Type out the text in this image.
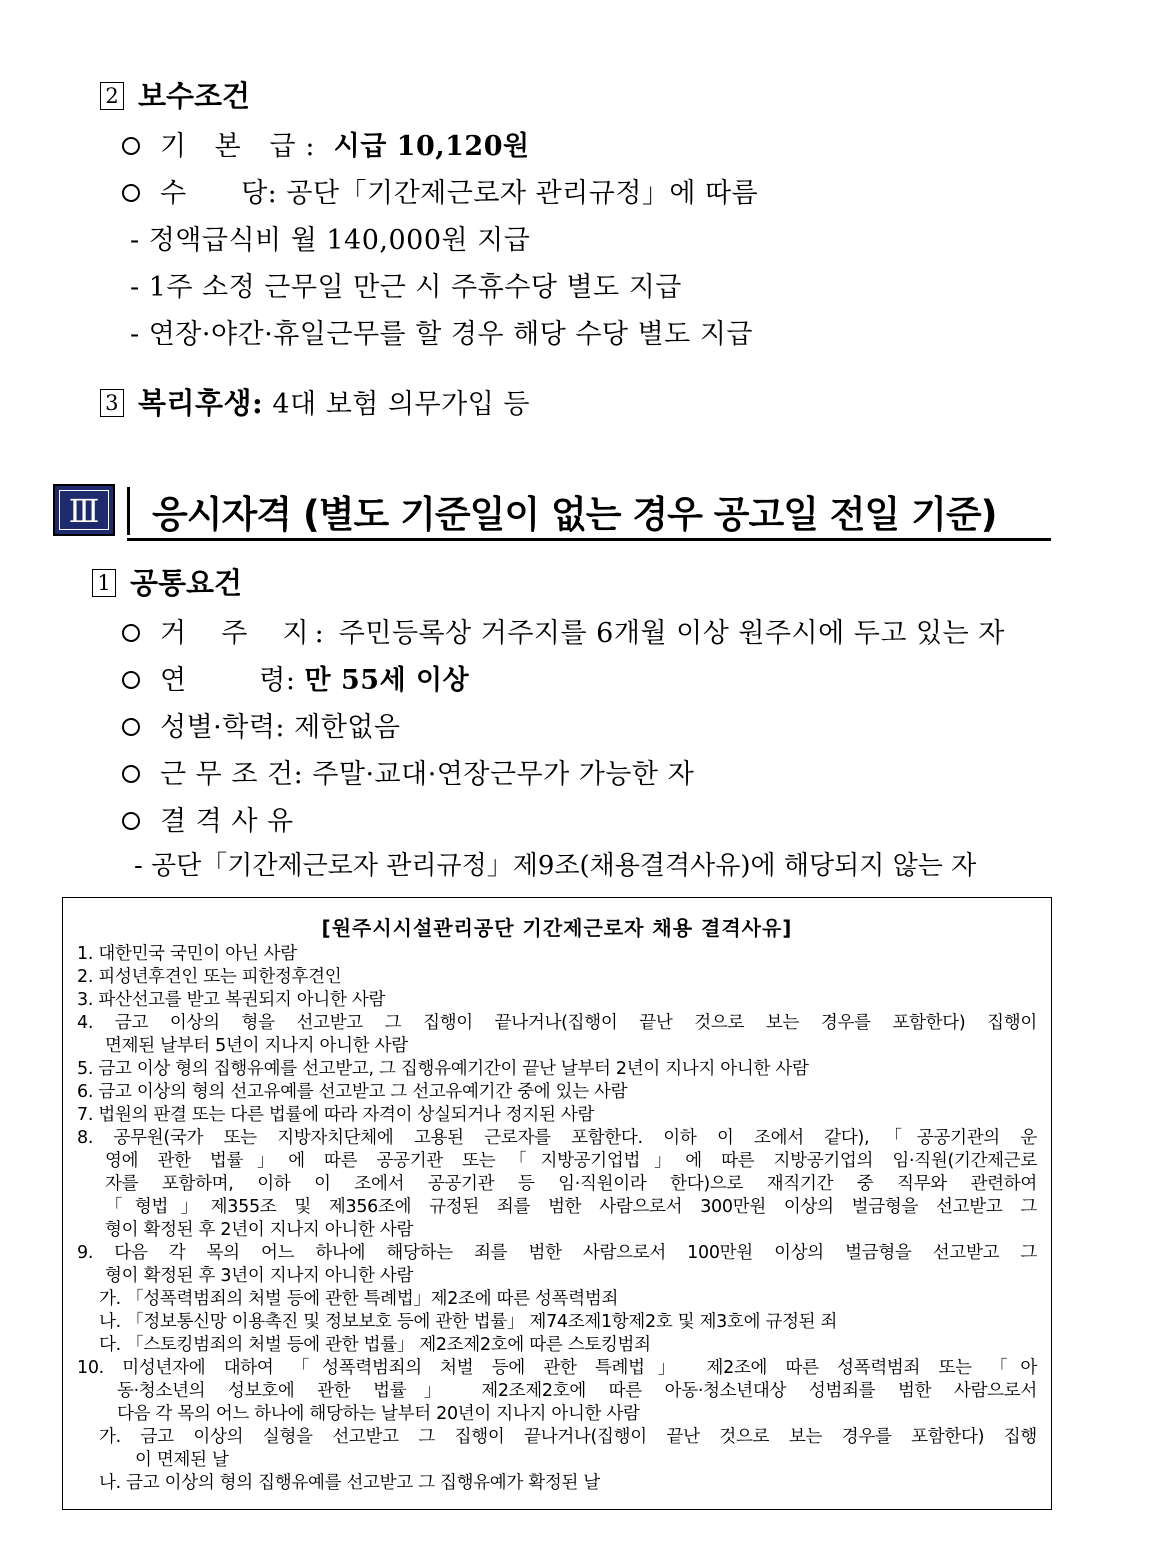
2 보수조건
기 본 급: 시급 10,120원
수      당: 공단「기간제근로자 관리규정」에 따름
- 정액급식비 월 140,000원 지급
- 1주 소정 근무일 만근 시 주휴수당 별도 지급
- 연장·야간·휴일근무를 할 경우 해당 수당 별도 지급
3 복리후생: 4대 보험 의무가입 등
Ⅲ 응시자격 (별도 기준일이 없는 경우 공고일 전일 기준)
1 공통요건
거  주  지: 주민등록상 거주지를 6개월 이상 원주시에 두고 있는 자
연        령: 만 55세 이상
성별·학력: 제한없음
근 무 조 건: 주말·교대·연장근무가 가능한 자
결 격 사 유
- 공단「기간제근로자 관리규정」제9조(채용결격사유)에 해당되지 않는 자
[원주시시설관리공단 기간제근로자 채용 결격사유]
1. 대한민국 국민이 아닌 사람
2. 피성년후견인 또는 피한정후견인
3. 파산선고를 받고 복권되지 아니한 사람
4. 금고 이상의 형을 선고받고 그 집행이 끝나거나(집행이 끝난 것으로 보는 경우를 포함한다) 집행이
면제된 날부터 5년이 지나지 아니한 사람
5. 금고 이상 형의 집행유예를 선고받고, 그 집행유예기간이 끝난 날부터 2년이 지나지 아니한 사람
6. 금고 이상의 형의 선고유예를 선고받고 그 선고유예기간 중에 있는 사람
7. 법원의 판결 또는 다른 법률에 따라 자격이 상실되거나 정지된 사람
8. 공무원(국가 또는 지방자치단체에 고용된 근로자를 포함한다. 이하 이 조에서 같다),「공공기관의 운
영에 관한 법률」에 따른 공공기관 또는「지방공기업법」에 따른 지방공기업의 임·직원(기간제근로
자를 포함하며, 이하 이 조에서 공공기관 등 임·직원이라 한다)으로 재직기간 중 직무와 관련하여
「형법」제355조 및 제356조에 규정된 죄를 범한 사람으로서 300만원 이상의 벌금형을 선고받고 그
형이 확정된 후 2년이 지나지 아니한 사람
9. 다음 각 목의 어느 하나에 해당하는 죄를 범한 사람으로서 100만원 이상의 벌금형을 선고받고 그
형이 확정된 후 3년이 지나지 아니한 사람
가. 「성폭력범죄의 처벌 등에 관한 특례법」제2조에 따른 성폭력범죄
나. 「정보통신망 이용촉진 및 정보보호 등에 관한 법률」 제74조제1항제2호 및 제3호에 규정된 죄
다. 「스토킹범죄의 처벌 등에 관한 법률」 제2조제2호에 따른 스토킹범죄
10. 미성년자에 대하여 「성폭력범죄의 처벌 등에 관한 특례법」 제2조에 따른 성폭력범죄 또는 「아
동·청소년의 성보호에 관한 법률」 제2조제2호에 따른 아동·청소년대상 성범죄를 범한 사람으로서
다음 각 목의 어느 하나에 해당하는 날부터 20년이 지나지 아니한 사람
가. 금고 이상의 실형을 선고받고 그 집행이 끝나거나(집행이 끝난 것으로 보는 경우를 포함한다) 집행
이 면제된 날
나. 금고 이상의 형의 집행유예를 선고받고 그 집행유예가 확정된 날
